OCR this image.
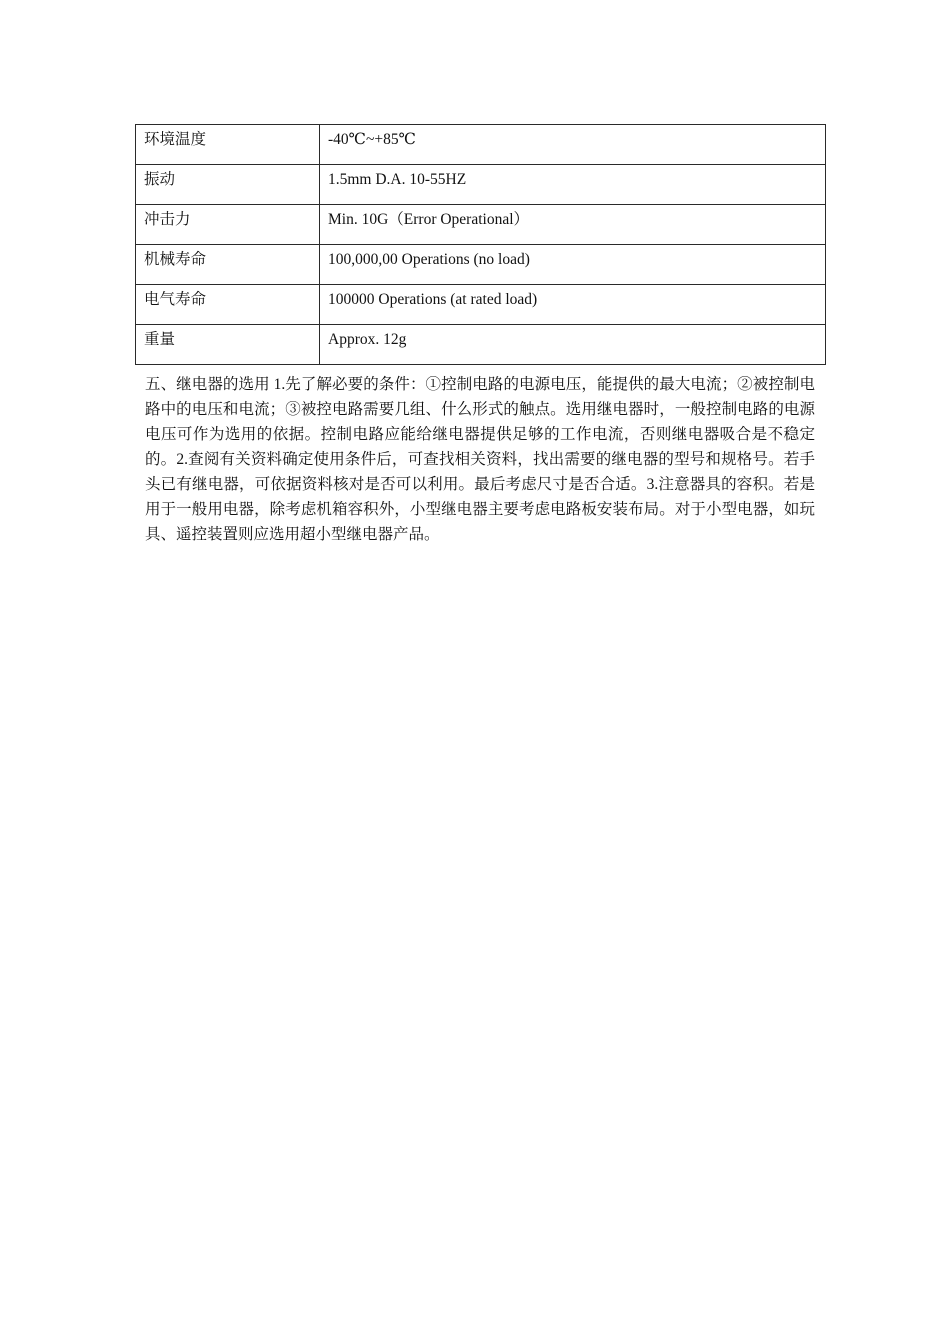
环境温度	-40℃~+85℃
振动	1.5mm D.A. 10-55HZ
冲击力	Min. 10G（Error Operational）
机械寿命	100,000,00 Operations (no load)
电气寿命	100000 Operations (at rated load)
重量	Approx. 12g

五、继电器的选用 1.先了解必要的条件：①控制电路的电源电压，能提供的最大电流；②被控制电路中的电压和电流；③被控电路需要几组、什么形式的触点。选用继电器时，一般控制电路的电源电压可作为选用的依据。控制电路应能给继电器提供足够的工作电流，否则继电器吸合是不稳定的。2.查阅有关资料确定使用条件后，可查找相关资料，找出需要的继电器的型号和规格号。若手头已有继电器，可依据资料核对是否可以利用。最后考虑尺寸是否合适。3.注意器具的容积。若是用于一般用电器，除考虑机箱容积外，小型继电器主要考虑电路板安装布局。对于小型电器，如玩具、遥控装置则应选用超小型继电器产品。
